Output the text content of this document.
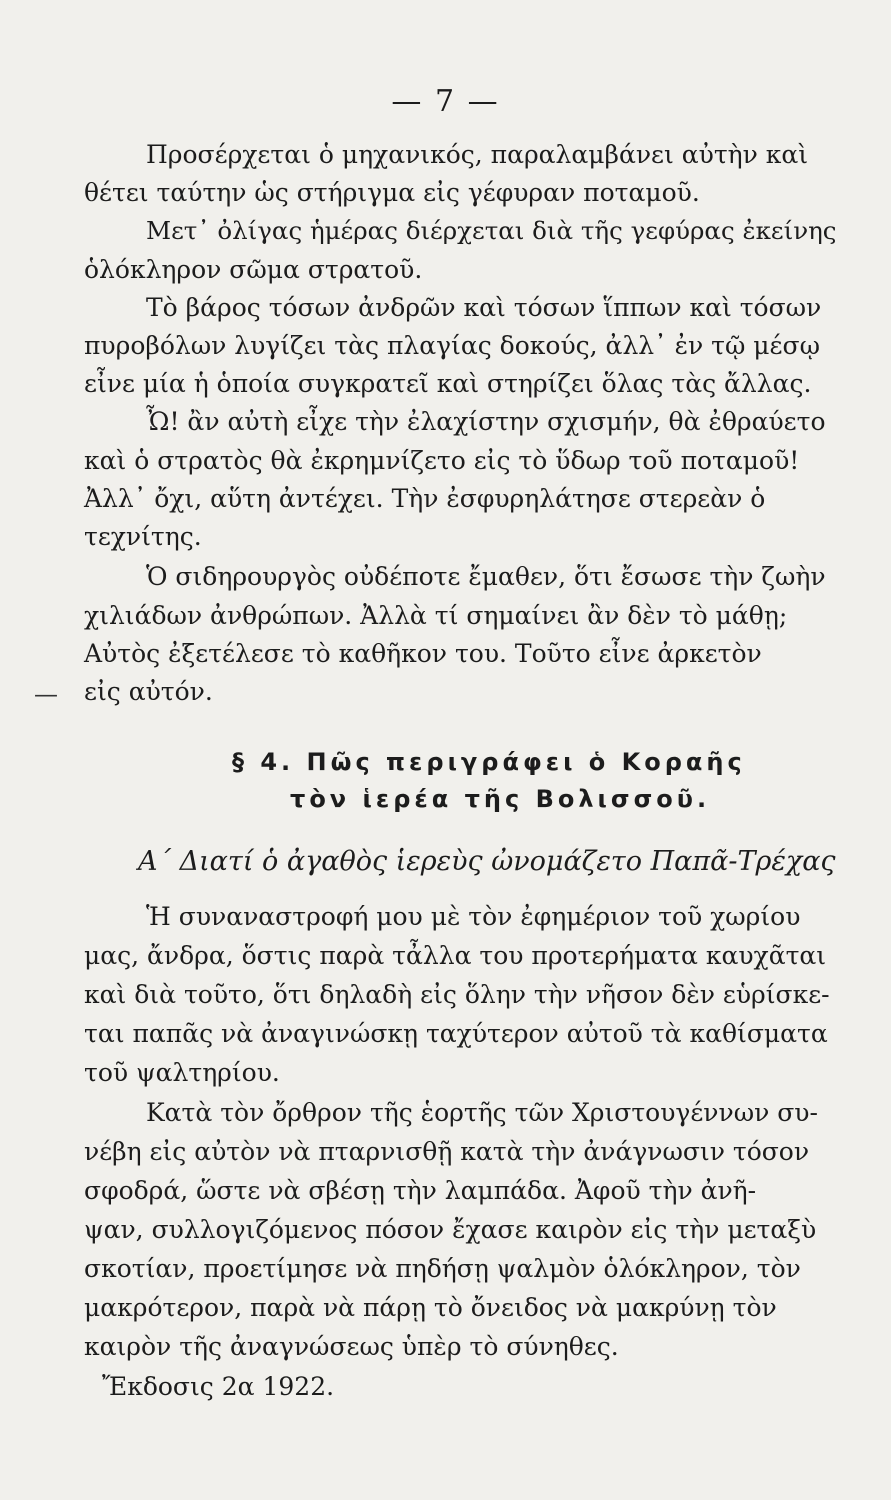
— 7 —
Προσέρχεται ὁ μηχανικός, παραλαμβάνει αὐτὴν καὶ
θέτει ταύτην ὡς στήριγμα εἰς γέφυραν ποταμοῦ.
Μετ᾽ ὀλίγας ἡμέρας διέρχεται διὰ τῆς γεφύρας ἐκείνης
ὁλόκληρον σῶμα στρατοῦ.
Τὸ βάρος τόσων ἀνδρῶν καὶ τόσων ἵππων καὶ τόσων
πυροβόλων λυγίζει τὰς πλαγίας δοκούς, ἀλλ᾽ ἐν τῷ μέσῳ
εἶνε μία ἡ ὁποία συγκρατεῖ καὶ στηρίζει ὅλας τὰς ἄλλας.
Ὦ! ἂν αὐτὴ εἶχε τὴν ἐλαχίστην σχισμήν, θὰ ἐθραύετο
καὶ ὁ στρατὸς θὰ ἐκρημνίζετο εἰς τὸ ὕδωρ τοῦ ποταμοῦ!
Ἀλλ᾽ ὄχι, αὕτη ἀντέχει. Τὴν ἐσφυρηλάτησε στερεὰν ὁ
τεχνίτης.
Ὁ σιδηρουργὸς οὐδέποτε ἔμαθεν, ὅτι ἔσωσε τὴν ζωὴν
χιλιάδων ἀνθρώπων. Ἀλλὰ τί σημαίνει ἂν δὲν τὸ μάθῃ;
Αὐτὸς ἐξετέλεσε τὸ καθῆκον του. Τοῦτο εἶνε ἀρκετὸν
εἰς αὐτόν.
—
§ 4. Πῶς περιγράφει ὁ Κοραῆς
τὸν ἱερέα τῆς Βολισσοῦ.
Α΄ Διατί ὁ ἀγαθὸς ἱερεὺς ὠνομάζετο Παπᾶ-Τρέχας
Ἡ συναναστροφή μου μὲ τὸν ἐφημέριον τοῦ χωρίου
μας, ἄνδρα, ὅστις παρὰ τἆλλα του προτερήματα καυχᾶται
καὶ διὰ τοῦτο, ὅτι δηλαδὴ εἰς ὅλην τὴν νῆσον δὲν εὑρίσκε-
ται παπᾶς νὰ ἀναγινώσκῃ ταχύτερον αὐτοῦ τὰ καθίσματα
τοῦ ψαλτηρίου.
Κατὰ τὸν ὄρθρον τῆς ἑορτῆς τῶν Χριστουγέννων συ-
νέβη εἰς αὐτὸν νὰ πταρνισθῇ κατὰ τὴν ἀνάγνωσιν τόσον
σφοδρά, ὥστε νὰ σβέσῃ τὴν λαμπάδα. Ἀφοῦ τὴν ἀνῆ-
ψαν, συλλογιζόμενος πόσον ἔχασε καιρὸν εἰς τὴν μεταξὺ
σκοτίαν, προετίμησε νὰ πηδήσῃ ψαλμὸν ὁλόκληρον, τὸν
μακρότερον, παρὰ νὰ πάρῃ τὸ ὄνειδος νὰ μακρύνῃ τὸν
καιρὸν τῆς ἀναγνώσεως ὑπὲρ τὸ σύνηθες.
Ἔκδοσις 2α 1922.
